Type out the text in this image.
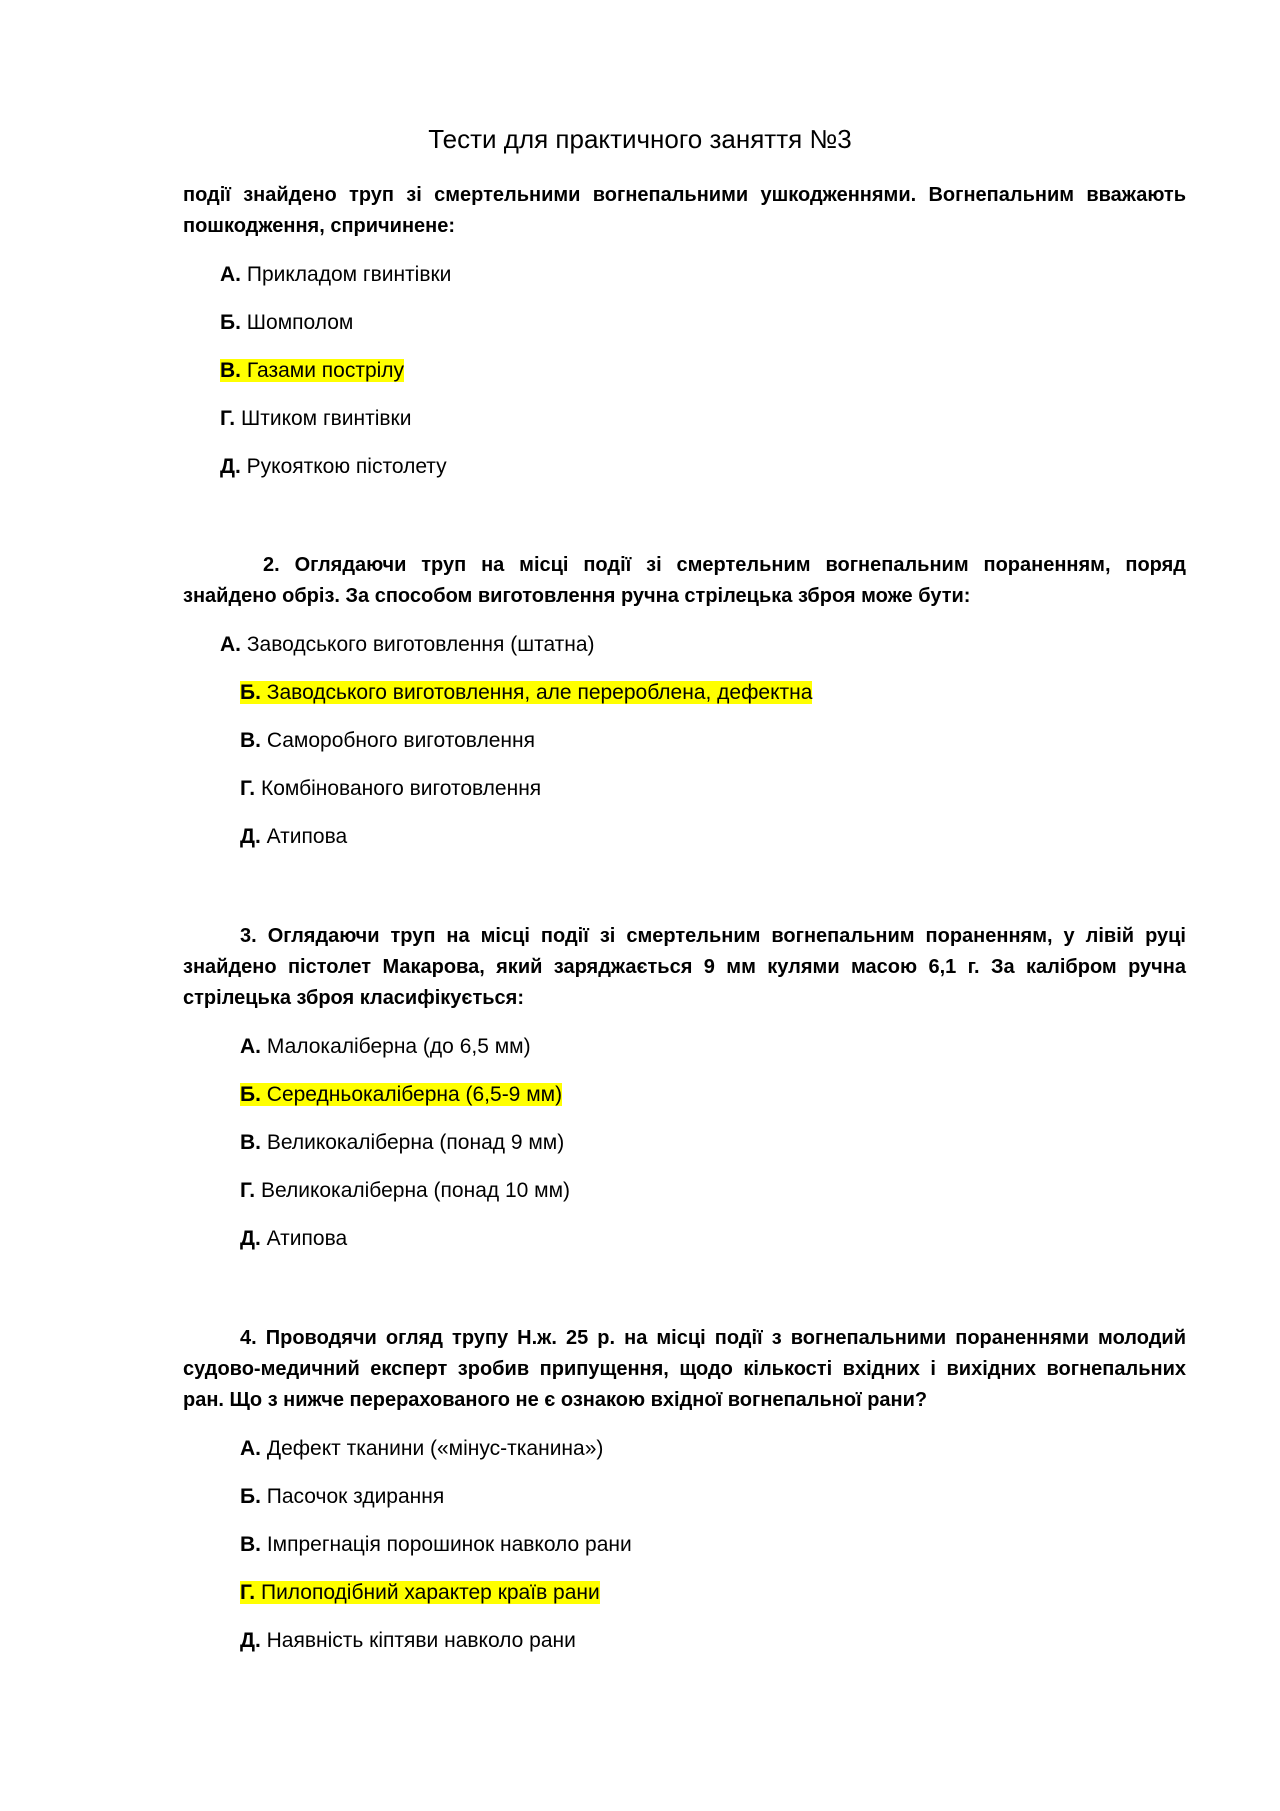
Тести для практичного заняття №3
події знайдено труп зі смертельними вогнепальними ушкодженнями. Вогнепальним вважають пошкодження, спричинене:
А. Прикладом гвинтівки
Б. Шомполом
В. Газами пострілу
Г. Штиком гвинтівки
Д. Рукояткою пістолету
2. Оглядаючи труп на місці події зі смертельним вогнепальним пораненням, поряд знайдено обріз. За способом виготовлення ручна стрілецька зброя може бути:
А. Заводського виготовлення (штатна)
Б. Заводського виготовлення, але перероблена, дефектна
В. Саморобного виготовлення
Г. Комбінованого виготовлення
Д. Атипова
3. Оглядаючи труп на місці події зі смертельним вогнепальним пораненням, у лівій руці знайдено пістолет Макарова, який заряджається 9 мм кулями масою 6,1 г. За калібром ручна стрілецька зброя класифікується:
А. Малокаліберна (до 6,5 мм)
Б. Середньокаліберна (6,5-9 мм)
В. Великокаліберна (понад 9 мм)
Г. Великокаліберна (понад 10 мм)
Д. Атипова
4. Проводячи огляд трупу Н.ж. 25 р. на місці події з вогнепальними пораненнями молодий судово-медичний експерт зробив припущення, щодо кількості вхідних і вихідних вогнепальних ран. Що з нижче перерахованого не є ознакою вхідної вогнепальної рани?
А. Дефект тканини («мінус-тканина»)
Б. Пасочок здирання
В. Імпрегнація порошинок навколо рани
Г. Пилоподібний характер країв рани
Д. Наявність кіптяви навколо рани
